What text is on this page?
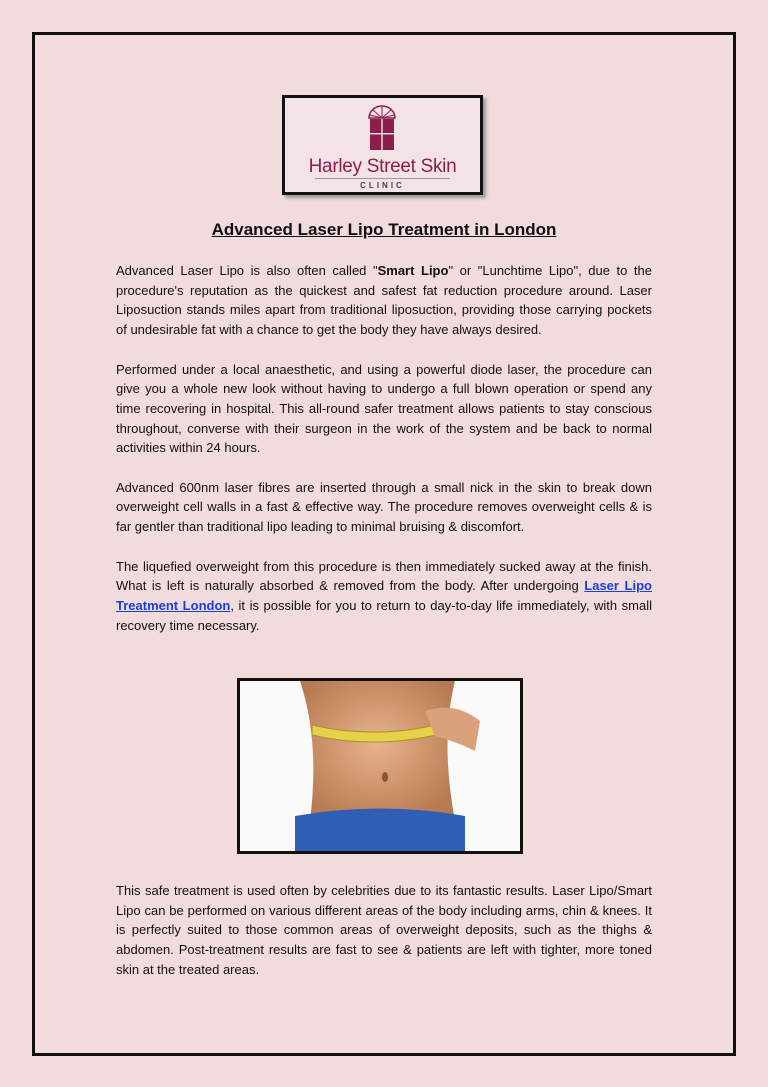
Harley Street Skin
CLINIC
Advanced Laser Lipo Treatment in London

Advanced Laser Lipo is also often called "Smart Lipo" or "Lunchtime Lipo", due to the procedure's reputation as the quickest and safest fat reduction procedure around. Laser Liposuction stands miles apart from traditional liposuction, providing those carrying pockets of undesirable fat with a chance to get the body they have always desired.

Performed under a local anaesthetic, and using a powerful diode laser, the procedure can give you a whole new look without having to undergo a full blown operation or spend any time recovering in hospital. This all-round safer treatment allows patients to stay conscious throughout, converse with their surgeon in the work of the system and be back to normal activities within 24 hours.

Advanced 600nm laser fibres are inserted through a small nick in the skin to break down overweight cell walls in a fast & effective way. The procedure removes overweight cells & is far gentler than traditional lipo leading to minimal bruising & discomfort.

The liquefied overweight from this procedure is then immediately sucked away at the finish. What is left is naturally absorbed & removed from the body. After undergoing Laser Lipo Treatment London, it is possible for you to return to day-to-day life immediately, with small recovery time necessary.

This safe treatment is used often by celebrities due to its fantastic results. Laser Lipo/Smart Lipo can be performed on various different areas of the body including arms, chin & knees. It is perfectly suited to those common areas of overweight deposits, such as the thighs & abdomen. Post-treatment results are fast to see & patients are left with tighter, more toned skin at the treated areas.
